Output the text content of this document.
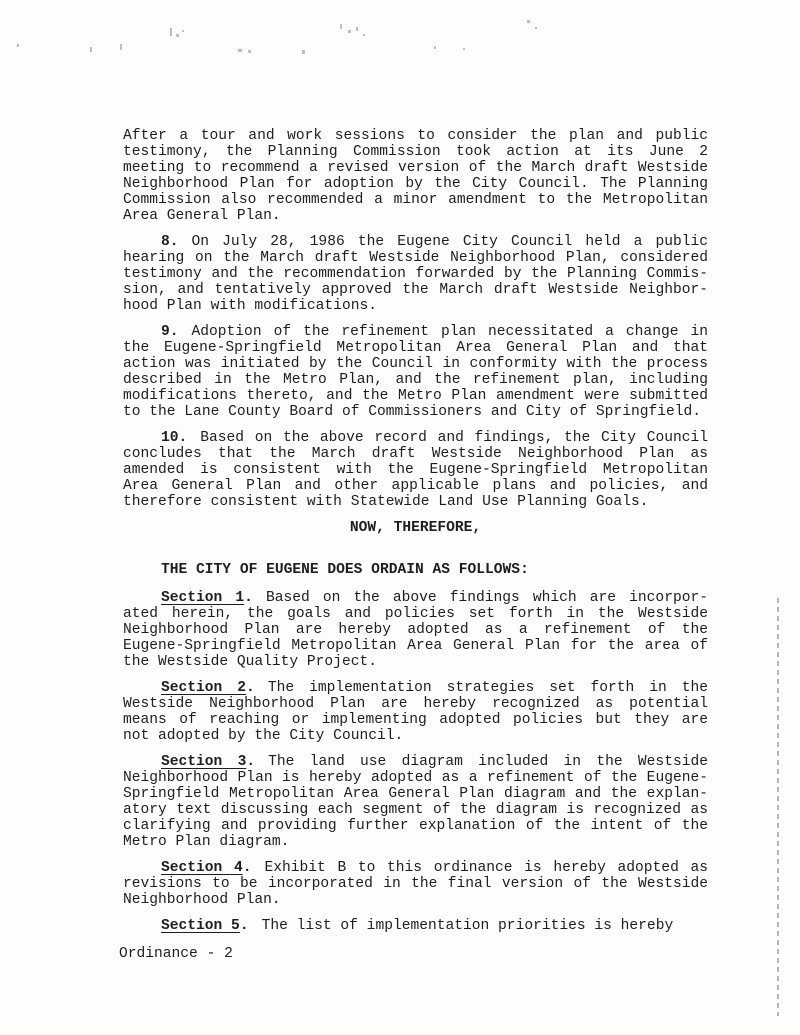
After a tour and work sessions to consider the plan and public
testimony, the Planning Commission took action at its June 2
meeting to recommend a revised version of the March draft Westside
Neighborhood Plan for adoption by the City Council. The Planning
Commission also recommended a minor amendment to the Metropolitan
Area General Plan.
8. On July 28, 1986 the Eugene City Council held a public
hearing on the March draft Westside Neighborhood Plan, considered
testimony and the recommendation forwarded by the Planning Commis-
sion, and tentatively approved the March draft Westside Neighbor-
hood Plan with modifications.
9. Adoption of the refinement plan necessitated a change in
the Eugene-Springfield Metropolitan Area General Plan and that
action was initiated by the Council in conformity with the process
described in the Metro Plan, and the refinement plan, including
modifications thereto, and the Metro Plan amendment were submitted
to the Lane County Board of Commissioners and City of Springfield.
10. Based on the above record and findings, the City Council
concludes that the March draft Westside Neighborhood Plan as
amended is consistent with the Eugene-Springfield Metropolitan
Area General Plan and other applicable plans and policies, and
therefore consistent with Statewide Land Use Planning Goals.
NOW, THEREFORE,
THE CITY OF EUGENE DOES ORDAIN AS FOLLOWS:
Section 1. Based on the above findings which are incorpor-
ated herein, the goals and policies set forth in the Westside
Neighborhood Plan are hereby adopted as a refinement of the
Eugene-Springfield Metropolitan Area General Plan for the area of
the Westside Quality Project.
Section 2. The implementation strategies set forth in the
Westside Neighborhood Plan are hereby recognized as potential
means of reaching or implementing adopted policies but they are
not adopted by the City Council.
Section 3. The land use diagram included in the Westside
Neighborhood Plan is hereby adopted as a refinement of the Eugene-
Springfield Metropolitan Area General Plan diagram and the explan-
atory text discussing each segment of the diagram is recognized as
clarifying and providing further explanation of the intent of the
Metro Plan diagram.
Section 4. Exhibit B to this ordinance is hereby adopted as
revisions to be incorporated in the final version of the Westside
Neighborhood Plan.
Section 5. The list of implementation priorities is hereby
Ordinance - 2
